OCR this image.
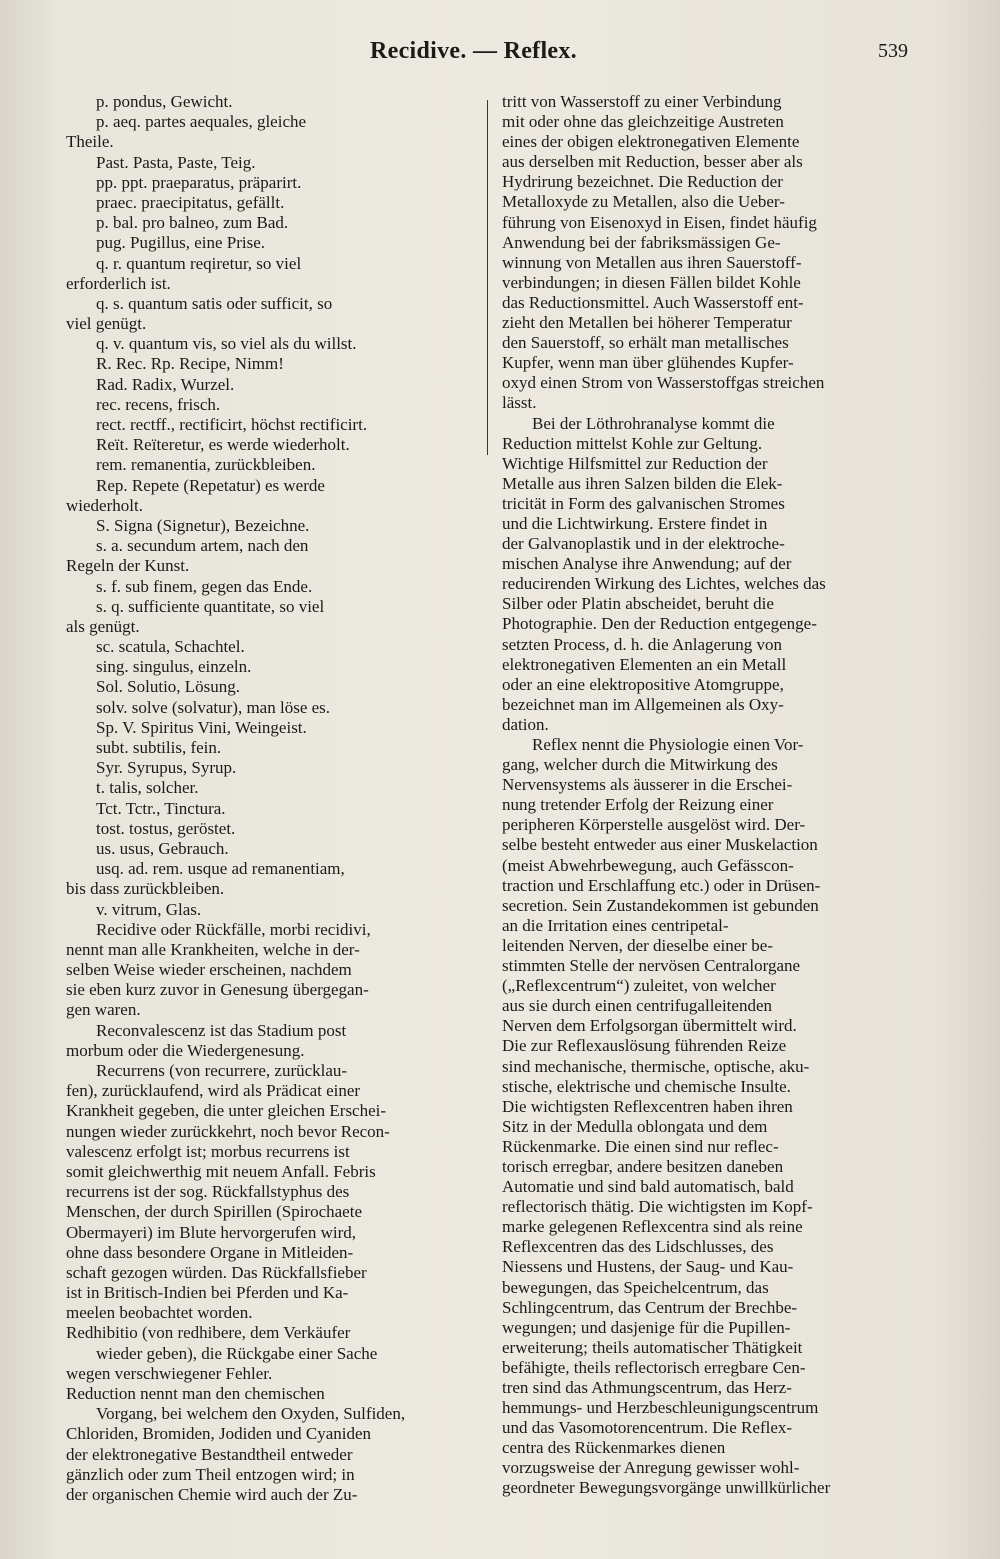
Recidive. — Reflex.	539
p. pondus, Gewicht.
p. aeq. partes aequales, gleiche
Theile.
Past. Pasta, Paste, Teig.
pp. ppt. praeparatus, präparirt.
praec. praecipitatus, gefällt.
p. bal. pro balneo, zum Bad.
pug. Pugillus, eine Prise.
q. r. quantum reqiretur, so viel
erforderlich ist.
q. s. quantum satis oder sufficit, so
viel genügt.
q. v. quantum vis, so viel als du willst.
R. Rec. Rp. Recipe, Nimm!
Rad. Radix, Wurzel.
rec. recens, frisch.
rect. rectff., rectificirt, höchst rectificirt.
Reït. Reïteretur, es werde wiederholt.
rem. remanentia, zurückbleiben.
Rep. Repete (Repetatur) es werde
wiederholt.
S. Signa (Signetur), Bezeichne.
s. a. secundum artem, nach den
Regeln der Kunst.
s. f. sub finem, gegen das Ende.
s. q. sufficiente quantitate, so viel
als genügt.
sc. scatula, Schachtel.
sing. singulus, einzeln.
Sol. Solutio, Lösung.
solv. solve (solvatur), man löse es.
Sp. V. Spiritus Vini, Weingeist.
subt. subtilis, fein.
Syr. Syrupus, Syrup.
t. talis, solcher.
Tct. Tctr., Tinctura.
tost. tostus, geröstet.
us. usus, Gebrauch.
usq. ad. rem. usque ad remanentiam,
bis dass zurückbleiben.
v. vitrum, Glas.
Recidive oder Rückfälle, morbi recidivi,
nennt man alle Krankheiten, welche in der-
selben Weise wieder erscheinen, nachdem
sie eben kurz zuvor in Genesung übergegan-
gen waren.
Reconvalescenz ist das Stadium post
morbum oder die Wiedergenesung.
Recurrens (von recurrere, zurücklau-
fen), zurücklaufend, wird als Prädicat einer
Krankheit gegeben, die unter gleichen Erschei-
nungen wieder zurückkehrt, noch bevor Recon-
valescenz erfolgt ist; morbus recurrens ist
somit gleichwerthig mit neuem Anfall. Febris
recurrens ist der sog. Rückfallstyphus des
Menschen, der durch Spirillen (Spirochaete
Obermayeri) im Blute hervorgerufen wird,
ohne dass besondere Organe in Mitleiden-
schaft gezogen würden. Das Rückfallsfieber
ist in Britisch-Indien bei Pferden und Ka-
meelen beobachtet worden.
Redhibitio (von redhibere, dem Verkäufer
wieder geben), die Rückgabe einer Sache
wegen verschwiegener Fehler.
Reduction nennt man den chemischen
Vorgang, bei welchem den Oxyden, Sulfiden,
Chloriden, Bromiden, Jodiden und Cyaniden
der elektronegative Bestandtheil entweder
gänzlich oder zum Theil entzogen wird; in
der organischen Chemie wird auch der Zu-
tritt von Wasserstoff zu einer Verbindung
mit oder ohne das gleichzeitige Austreten
eines der obigen elektronegativen Elemente
aus derselben mit Reduction, besser aber als
Hydrirung bezeichnet. Die Reduction der
Metalloxyde zu Metallen, also die Ueber-
führung von Eisenoxyd in Eisen, findet häufig
Anwendung bei der fabriksmässigen Ge-
winnung von Metallen aus ihren Sauerstoff-
verbindungen; in diesen Fällen bildet Kohle
das Reductionsmittel. Auch Wasserstoff ent-
zieht den Metallen bei höherer Temperatur
den Sauerstoff, so erhält man metallisches
Kupfer, wenn man über glühendes Kupfer-
oxyd einen Strom von Wasserstoffgas streichen
lässt.
Bei der Löthrohranalyse kommt die
Reduction mittelst Kohle zur Geltung.
Wichtige Hilfsmittel zur Reduction der
Metalle aus ihren Salzen bilden die Elek-
tricität in Form des galvanischen Stromes
und die Lichtwirkung. Erstere findet in
der Galvanoplastik und in der elektroche-
mischen Analyse ihre Anwendung; auf der
reducirenden Wirkung des Lichtes, welches das
Silber oder Platin abscheidet, beruht die
Photographie. Den der Reduction entgegenge-
setzten Process, d. h. die Anlagerung von
elektronegativen Elementen an ein Metall
oder an eine elektropositive Atomgruppe,
bezeichnet man im Allgemeinen als Oxy-
dation.
Reflex nennt die Physiologie einen Vor-
gang, welcher durch die Mitwirkung des
Nervensystems als äusserer in die Erschei-
nung tretender Erfolg der Reizung einer
peripheren Körperstelle ausgelöst wird. Der-
selbe besteht entweder aus einer Muskelaction
(meist Abwehrbewegung, auch Gefässcon-
traction und Erschlaffung etc.) oder in Drüsen-
secretion. Sein Zustandekommen ist gebunden
an die Irritation eines centripetal-
leitenden Nerven, der dieselbe einer be-
stimmten Stelle der nervösen Centralorgane
(„Reflexcentrum“) zuleitet, von welcher
aus sie durch einen centrifugalleitenden
Nerven dem Erfolgsorgan übermittelt wird.
Die zur Reflexauslösung führenden Reize
sind mechanische, thermische, optische, aku-
stische, elektrische und chemische Insulte.
Die wichtigsten Reflexcentren haben ihren
Sitz in der Medulla oblongata und dem
Rückenmarke. Die einen sind nur reflec-
torisch erregbar, andere besitzen daneben
Automatie und sind bald automatisch, bald
reflectorisch thätig. Die wichtigsten im Kopf-
marke gelegenen Reflexcentra sind als reine
Reflexcentren das des Lidschlusses, des
Niessens und Hustens, der Saug- und Kau-
bewegungen, das Speichelcentrum, das
Schlingcentrum, das Centrum der Brechbe-
wegungen; und dasjenige für die Pupillen-
erweiterung; theils automatischer Thätigkeit
befähigte, theils reflectorisch erregbare Cen-
tren sind das Athmungscentrum, das Herz-
hemmungs- und Herzbeschleunigungscentrum
und das Vasomotorencentrum. Die Reflex-
centra des Rückenmarkes dienen
vorzugsweise der Anregung gewisser wohl-
geordneter Bewegungsvorgänge unwillkürlicher
